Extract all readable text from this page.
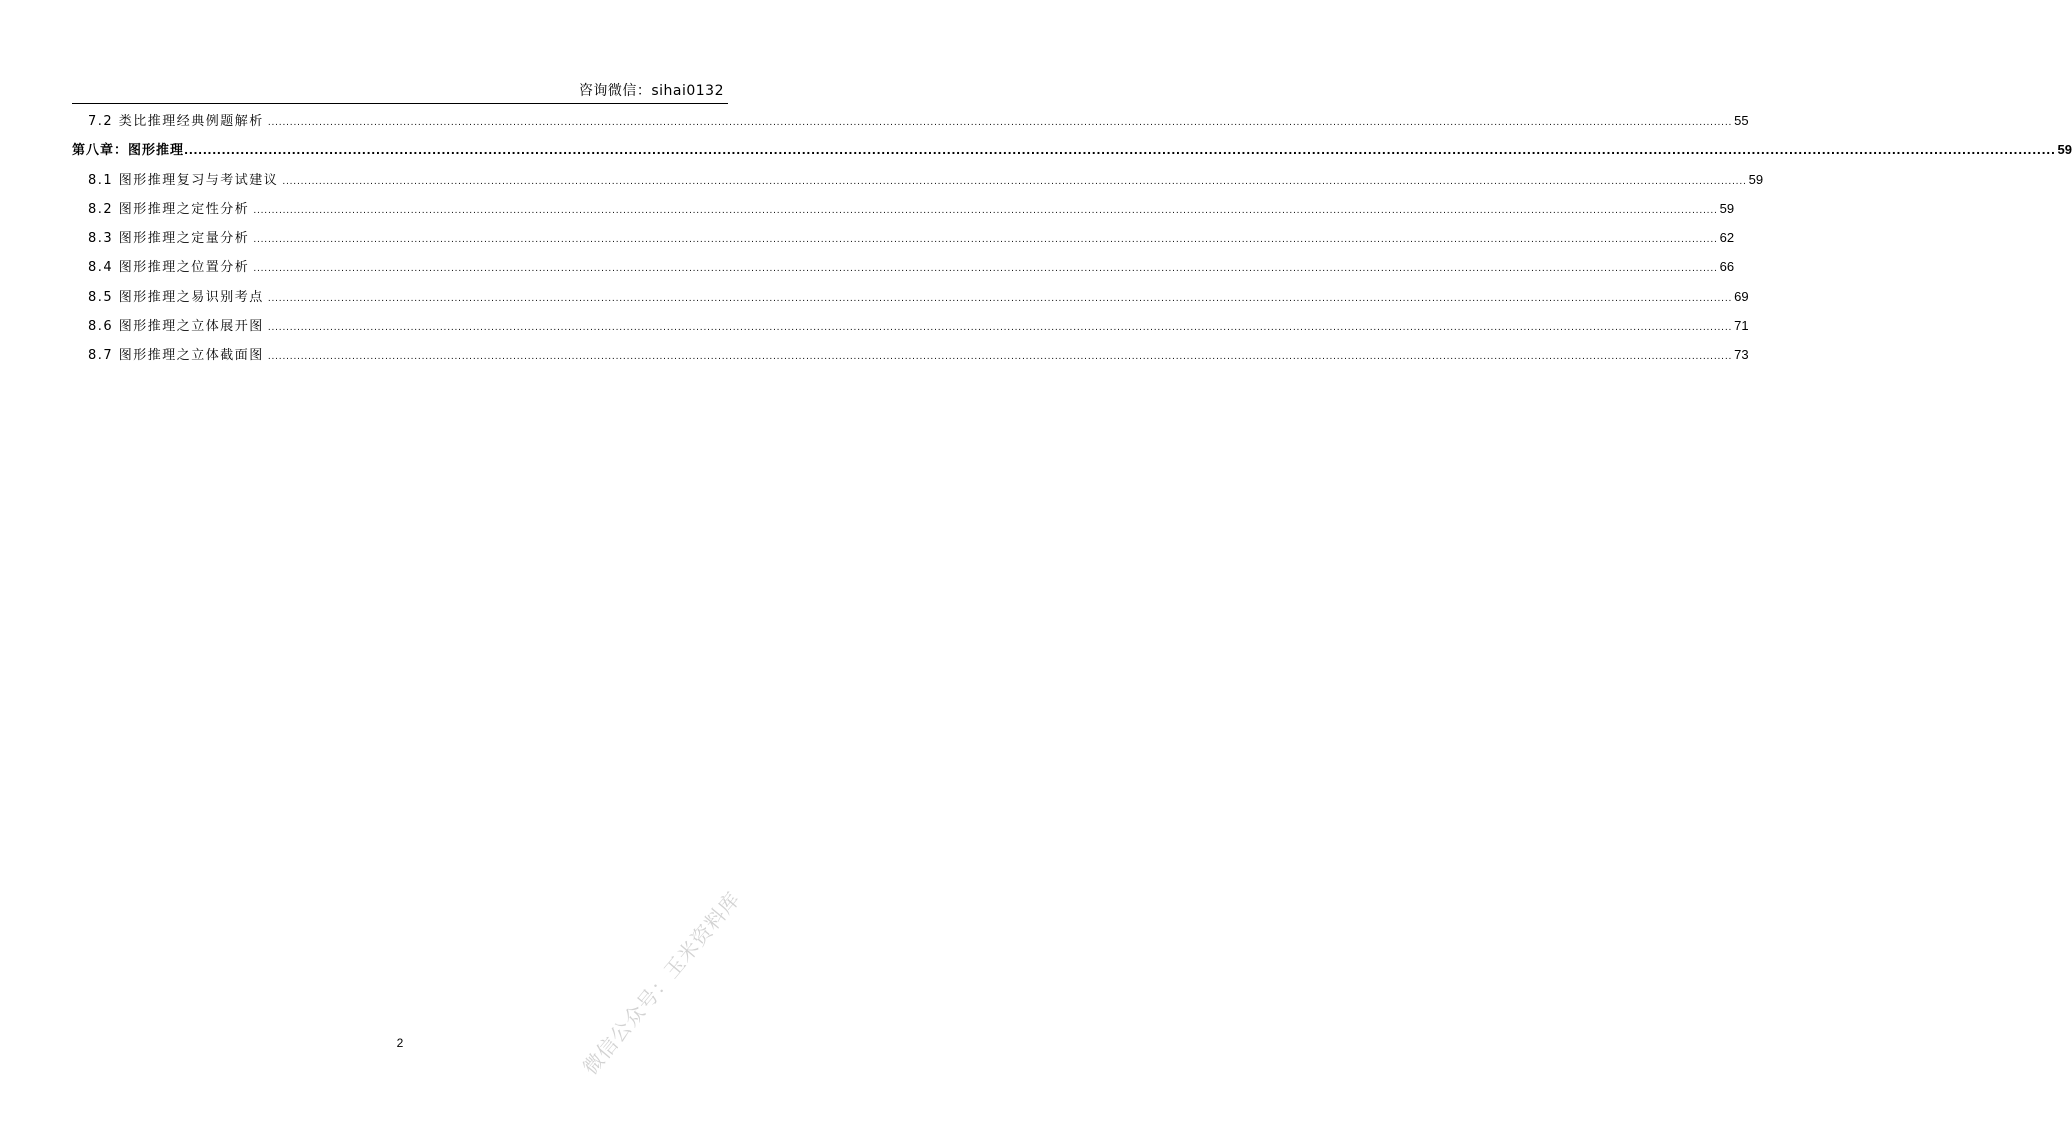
咨询微信：sihai0132
7.2 类比推理经典例题解析 ................................................................................................................................................................................................................................................................................................................................................................................................................ 55
第八章：图形推理 ................................................................................................................................................................................................................................................................................................................................................................................................................ 59
8.1 图形推理复习与考试建议 ................................................................................................................................................................................................................................................................................................................................................................................................................ 59
8.2 图形推理之定性分析 ................................................................................................................................................................................................................................................................................................................................................................................................................ 59
8.3 图形推理之定量分析 ................................................................................................................................................................................................................................................................................................................................................................................................................ 62
8.4 图形推理之位置分析 ................................................................................................................................................................................................................................................................................................................................................................................................................ 66
8.5 图形推理之易识别考点 ................................................................................................................................................................................................................................................................................................................................................................................................................ 69
8.6 图形推理之立体展开图 ................................................................................................................................................................................................................................................................................................................................................................................................................ 71
8.7 图形推理之立体截面图 ................................................................................................................................................................................................................................................................................................................................................................................................................ 73
2	微信公众号：玉米资料库
